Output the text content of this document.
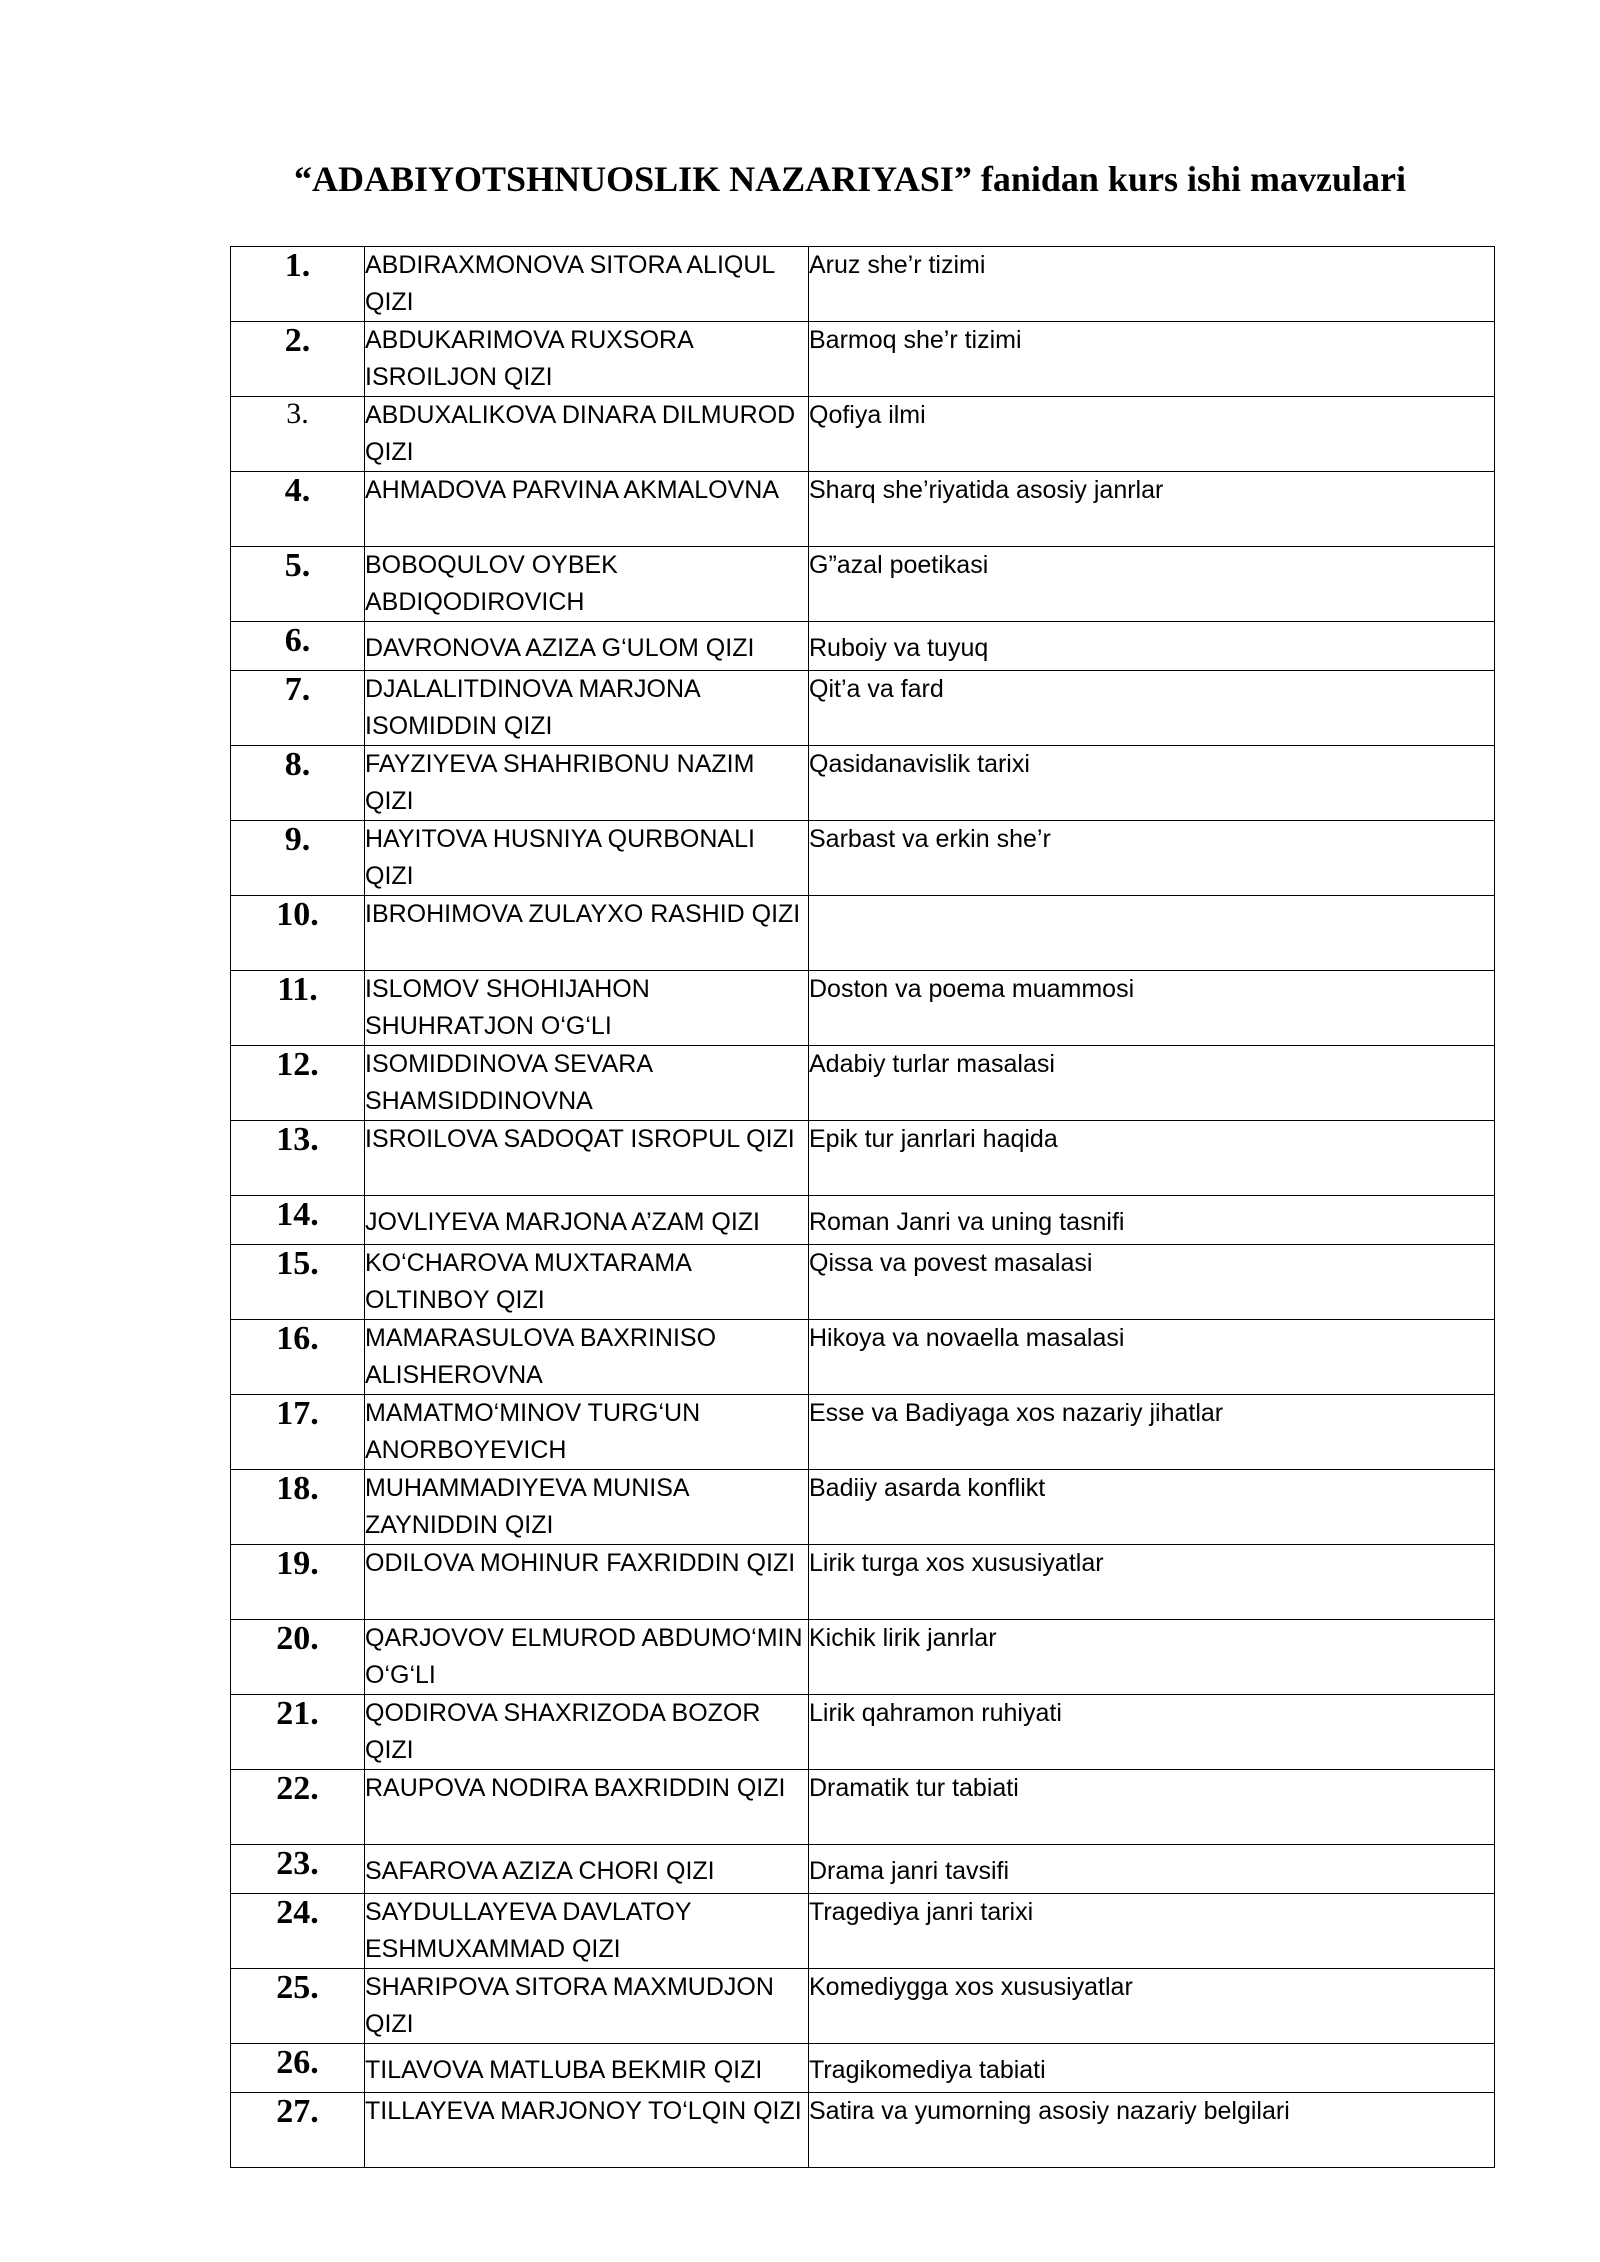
“ADABIYOTSHNUOSLIK NAZARIYASI” fanidan kurs ishi mavzulari
1.	ABDIRAXMONOVA SITORA ALIQUL QIZI	Aruz she’r tizimi
2.	ABDUKARIMOVA RUXSORA ISROILJON QIZI	Barmoq she’r tizimi
3.	ABDUXALIKOVA DINARA DILMUROD QIZI	Qofiya ilmi
4.	AHMADOVA PARVINA AKMALOVNA	Sharq she’riyatida asosiy janrlar
5.	BOBOQULOV OYBEK ABDIQODIROVICH	G”azal poetikasi
6.	DAVRONOVA AZIZA G‘ULOM QIZI	Ruboiy va tuyuq
7.	DJALALITDINOVA MARJONA ISOMIDDIN QIZI	Qit’a va fard
8.	FAYZIYEVA SHAHRIBONU NAZIM QIZI	Qasidanavislik tarixi
9.	HAYITOVA HUSNIYA QURBONALI QIZI	Sarbast va erkin she’r
10.	IBROHIMOVA ZULAYXO RASHID QIZI	
11.	ISLOMOV SHOHIJAHON SHUHRATJON O‘G‘LI	Doston va poema muammosi
12.	ISOMIDDINOVA SEVARA SHAMSIDDINOVNA	Adabiy turlar masalasi
13.	ISROILOVA SADOQAT ISROPUL QIZI	Epik tur janrlari haqida
14.	JOVLIYEVA MARJONA A’ZAM QIZI	Roman Janri va uning tasnifi
15.	KO‘CHAROVA MUXTARAMA OLTINBOY QIZI	Qissa va povest masalasi
16.	MAMARASULOVA BAXRINISO ALISHEROVNA	Hikoya va novaella masalasi
17.	MAMATMO‘MINOV TURG‘UN ANORBOYEVICH	Esse va Badiyaga xos nazariy jihatlar
18.	MUHAMMADIYEVA MUNISA ZAYNIDDIN QIZI	Badiiy asarda konflikt
19.	ODILOVA MOHINUR FAXRIDDIN QIZI	Lirik turga xos xususiyatlar
20.	QARJOVOV ELMUROD ABDUMO‘MIN O‘G‘LI	Kichik lirik janrlar
21.	QODIROVA SHAXRIZODA BOZOR QIZI	Lirik qahramon ruhiyati
22.	RAUPOVA NODIRA BAXRIDDIN QIZI	Dramatik tur tabiati
23.	SAFAROVA AZIZA CHORI QIZI	Drama janri tavsifi
24.	SAYDULLAYEVA DAVLATOY ESHMUXAMMAD QIZI	Tragediya janri tarixi
25.	SHARIPOVA SITORA MAXMUDJON QIZI	Komediygga xos xususiyatlar
26.	TILAVOVA MATLUBA BEKMIR QIZI	Tragikomediya tabiati
27.	TILLAYEVA MARJONOY TO‘LQIN QIZI	Satira va yumorning asosiy nazariy belgilari
